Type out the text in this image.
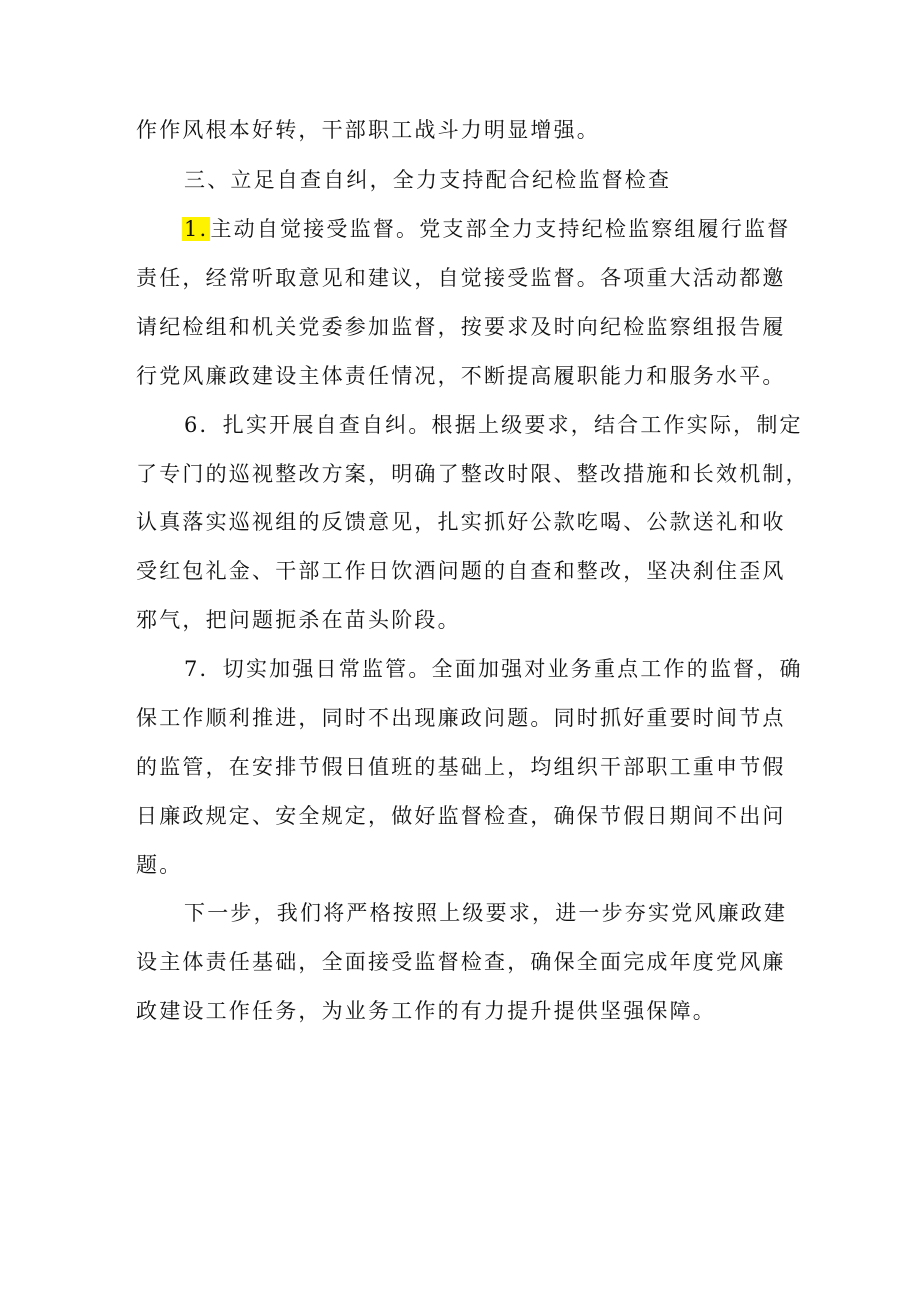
作作风根本好转，干部职工战斗力明显增强。
三、立足自查自纠，全力支持配合纪检监督检查
1.主动自觉接受监督。党支部全力支持纪检监察组履行监督
责任，经常听取意见和建议，自觉接受监督。各项重大活动都邀
请纪检组和机关党委参加监督，按要求及时向纪检监察组报告履
行党风廉政建设主体责任情况，不断提高履职能力和服务水平。
6．扎实开展自查自纠。根据上级要求，结合工作实际，制定
了专门的巡视整改方案，明确了整改时限、整改措施和长效机制，
认真落实巡视组的反馈意见，扎实抓好公款吃喝、公款送礼和收
受红包礼金、干部工作日饮酒问题的自查和整改，坚决刹住歪风
邪气，把问题扼杀在苗头阶段。
7．切实加强日常监管。全面加强对业务重点工作的监督，确
保工作顺利推进，同时不出现廉政问题。同时抓好重要时间节点
的监管，在安排节假日值班的基础上，均组织干部职工重申节假
日廉政规定、安全规定，做好监督检查，确保节假日期间不出问
题。
下一步，我们将严格按照上级要求，进一步夯实党风廉政建
设主体责任基础，全面接受监督检查，确保全面完成年度党风廉
政建设工作任务，为业务工作的有力提升提供坚强保障。
